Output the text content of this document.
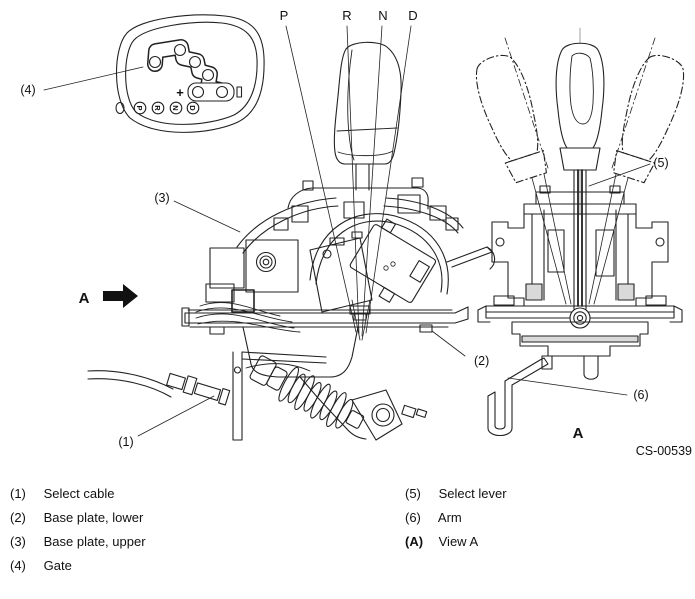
+
P R N D
(4)
P	R N D
(3)
(2)
(1)
A
(5)
(6)
A
CS-00539
(1) Select cable
(2) Base plate, lower
(3) Base plate, upper
(4) Gate
(5) Select lever
(6) Arm
(A) View A
